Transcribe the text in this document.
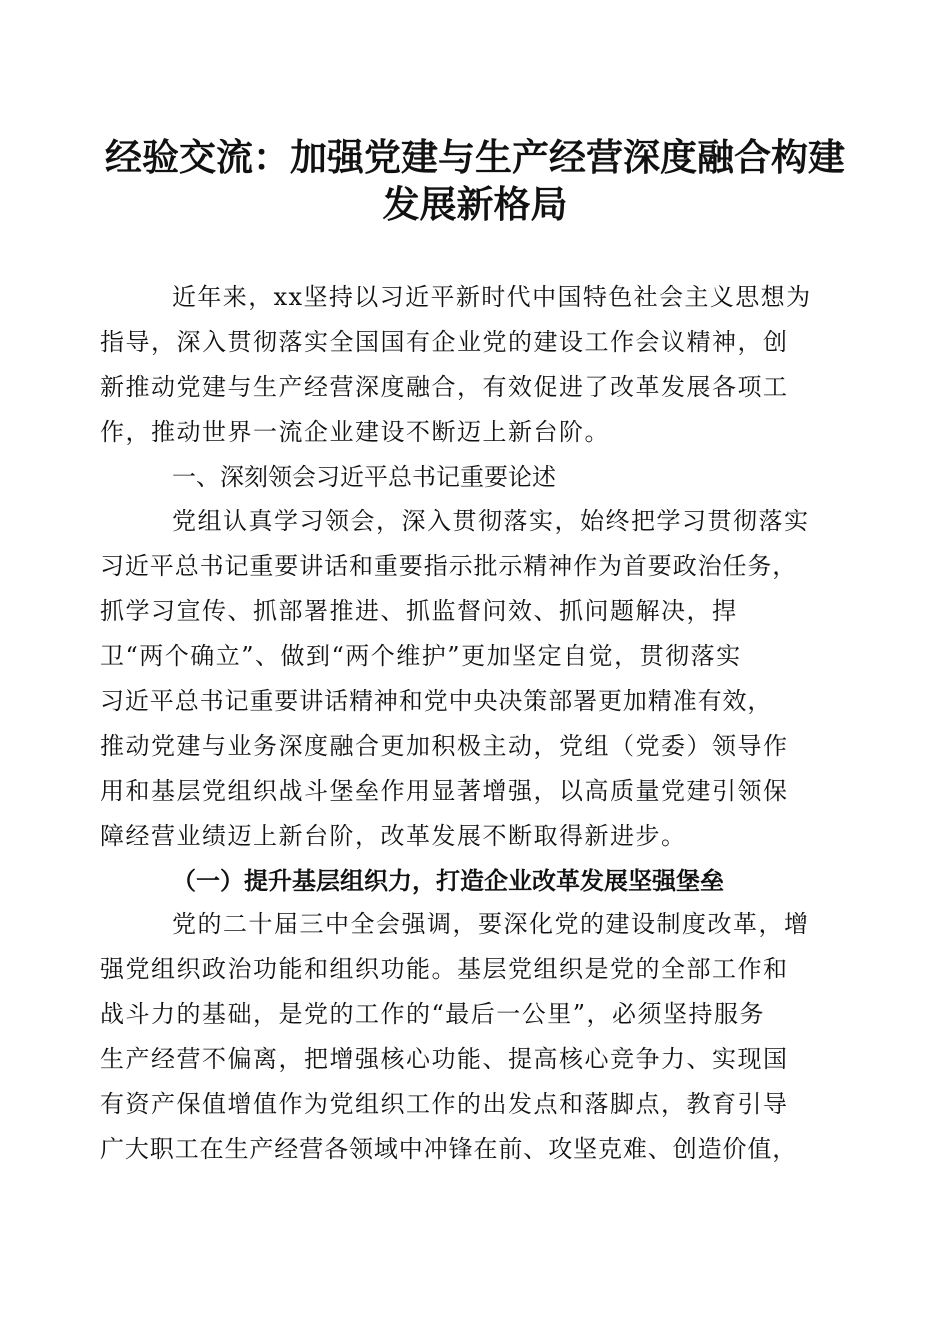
经验交流：加强党建与生产经营深度融合构建
发展新格局
近年来，xx坚持以习近平新时代中国特色社会主义思想为
指导，深入贯彻落实全国国有企业党的建设工作会议精神，创
新推动党建与生产经营深度融合，有效促进了改革发展各项工
作，推动世界一流企业建设不断迈上新台阶。
一、深刻领会习近平总书记重要论述
党组认真学习领会，深入贯彻落实，始终把学习贯彻落实
习近平总书记重要讲话和重要指示批示精神作为首要政治任务，
抓学习宣传、抓部署推进、抓监督问效、抓问题解决，捍
卫“两个确立”、做到“两个维护”更加坚定自觉，贯彻落实
习近平总书记重要讲话精神和党中央决策部署更加精准有效，
推动党建与业务深度融合更加积极主动，党组（党委）领导作
用和基层党组织战斗堡垒作用显著增强，以高质量党建引领保
障经营业绩迈上新台阶，改革发展不断取得新进步。
（一）提升基层组织力，打造企业改革发展坚强堡垒
党的二十届三中全会强调，要深化党的建设制度改革，增
强党组织政治功能和组织功能。基层党组织是党的全部工作和
战斗力的基础，是党的工作的“最后一公里”，必须坚持服务
生产经营不偏离，把增强核心功能、提高核心竞争力、实现国
有资产保值增值作为党组织工作的出发点和落脚点，教育引导
广大职工在生产经营各领域中冲锋在前、攻坚克难、创造价值，
